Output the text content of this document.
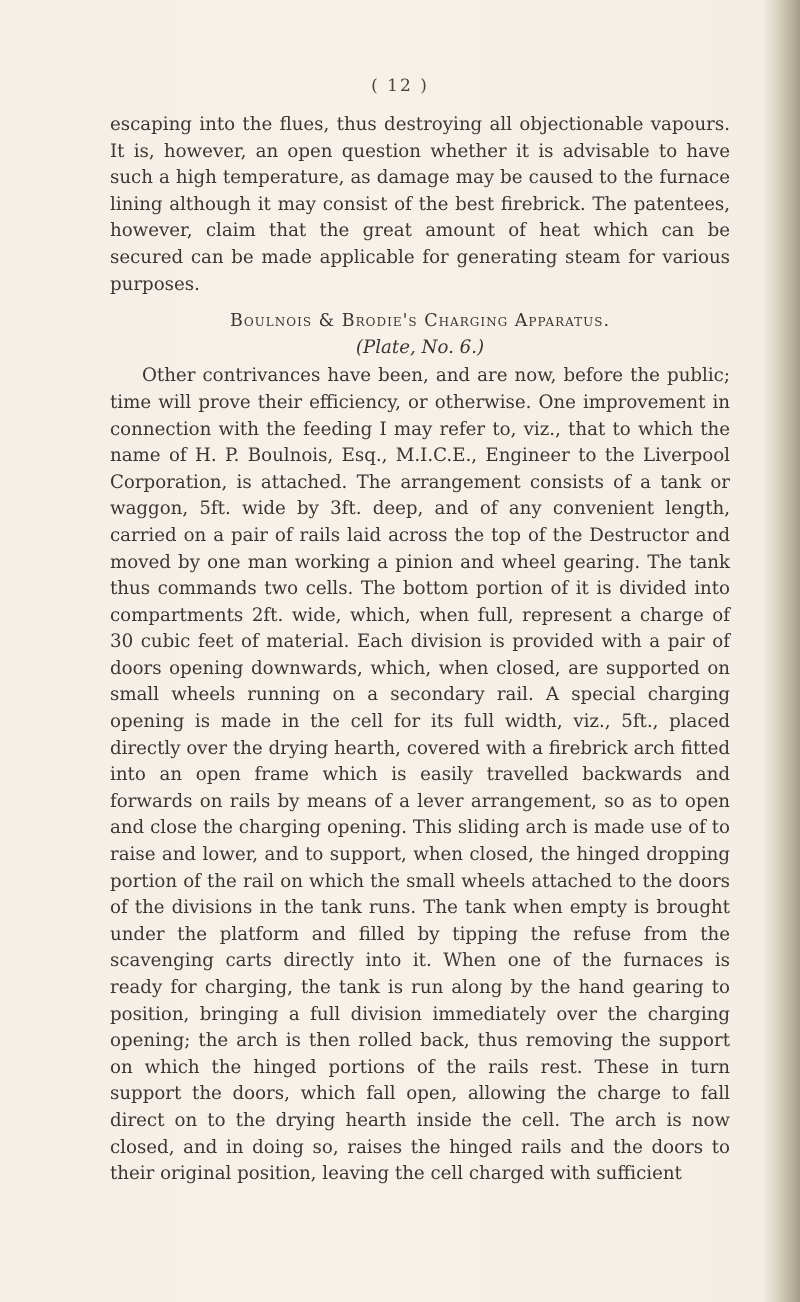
( 12 )

escaping into the flues, thus destroying all objectionable vapours. It is, however, an open question whether it is advisable to have such a high temperature, as damage may be caused to the furnace lining although it may consist of the best firebrick. The patentees, however, claim that the great amount of heat which can be secured can be made applicable for generating steam for various purposes.

Boulnois & Brodie's Charging Apparatus.
(Plate, No. 6.)

Other contrivances have been, and are now, before the public; time will prove their efficiency, or otherwise. One improvement in connection with the feeding I may refer to, viz., that to which the name of H. P. Boulnois, Esq., M.I.C.E., Engineer to the Liverpool Corporation, is attached. The arrangement consists of a tank or waggon, 5ft. wide by 3ft. deep, and of any convenient length, carried on a pair of rails laid across the top of the Destructor and moved by one man working a pinion and wheel gearing. The tank thus commands two cells. The bottom portion of it is divided into compartments 2ft. wide, which, when full, represent a charge of 30 cubic feet of material. Each division is provided with a pair of doors opening downwards, which, when closed, are supported on small wheels running on a secondary rail. A special charging opening is made in the cell for its full width, viz., 5ft., placed directly over the drying hearth, covered with a firebrick arch fitted into an open frame which is easily travelled backwards and forwards on rails by means of a lever arrangement, so as to open and close the charging opening. This sliding arch is made use of to raise and lower, and to support, when closed, the hinged dropping portion of the rail on which the small wheels attached to the doors of the divisions in the tank runs. The tank when empty is brought under the platform and filled by tipping the refuse from the scavenging carts directly into it. When one of the furnaces is ready for charging, the tank is run along by the hand gearing to position, bringing a full division immediately over the charging opening; the arch is then rolled back, thus removing the support on which the hinged portions of the rails rest. These in turn support the doors, which fall open, allowing the charge to fall direct on to the drying hearth inside the cell. The arch is now closed, and in doing so, raises the hinged rails and the doors to their original position, leaving the cell charged with sufficient
